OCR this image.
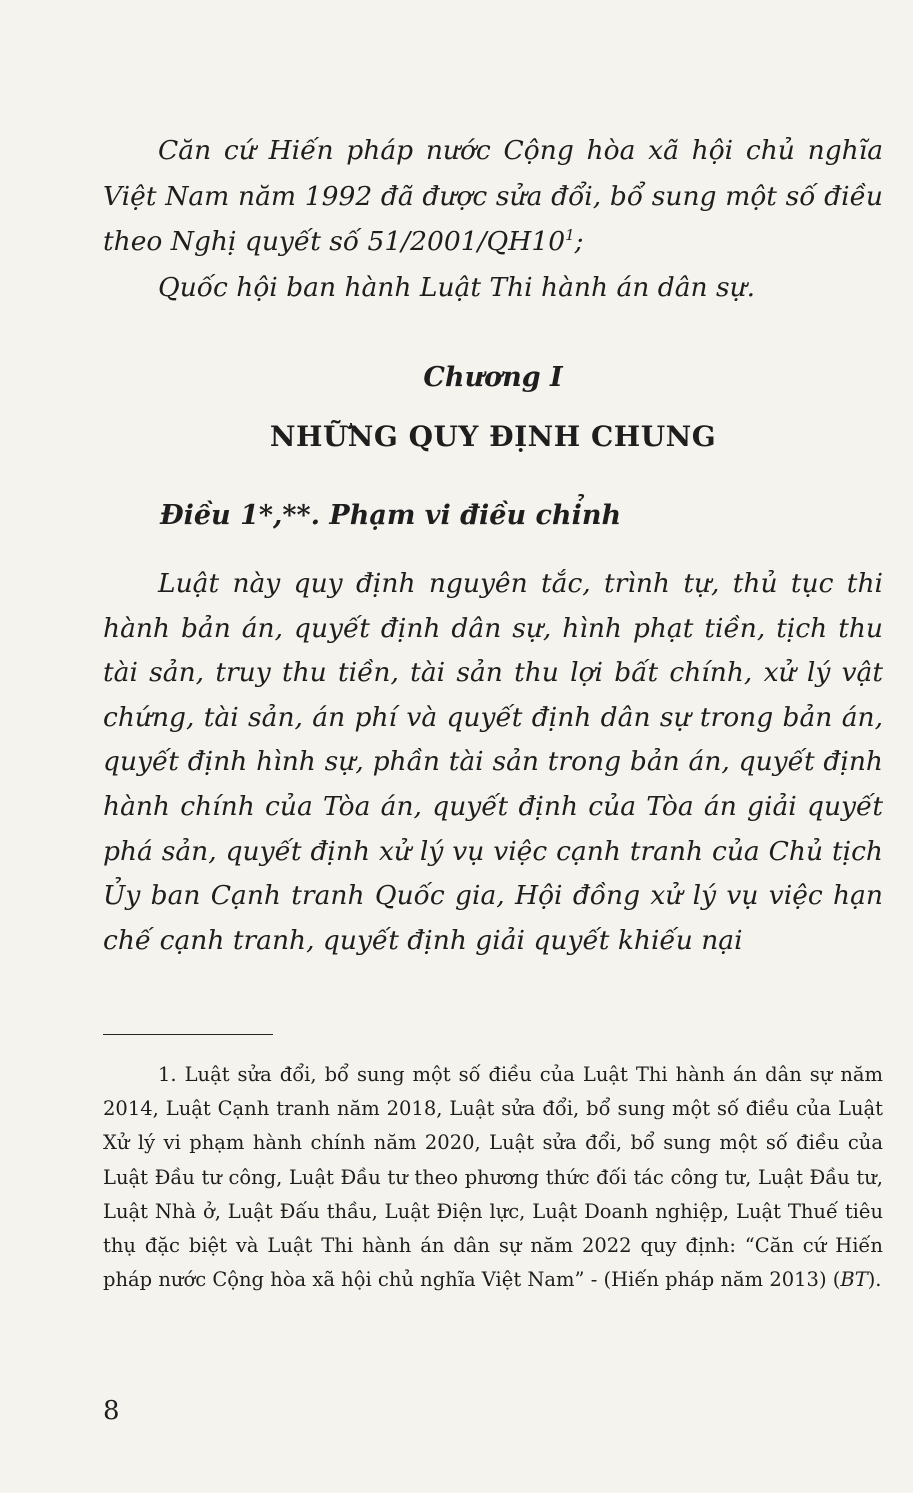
Căn cứ Hiến pháp nước Cộng hòa xã hội chủ nghĩa Việt Nam năm 1992 đã được sửa đổi, bổ sung một số điều theo Nghị quyết số $51/2001/QH10^1$;

Quốc hội ban hành Luật Thi hành án dân sự.

Chương I
NHỮNG QUY ĐỊNH CHUNG
Điều 1*,**. Phạm vi điều chỉnh

Luật này quy định nguyên tắc, trình tự, thủ tục thi hành bản án, quyết định dân sự, hình phạt tiền, tịch thu tài sản, truy thu tiền, tài sản thu lợi bất chính, xử lý vật chứng, tài sản, án phí và quyết định dân sự trong bản án, quyết định hình sự, phần tài sản trong bản án, quyết định hành chính của Tòa án, quyết định của Tòa án giải quyết phá sản, quyết định xử lý vụ việc cạnh tranh của Chủ tịch Ủy ban Cạnh tranh Quốc gia, Hội đồng xử lý vụ việc hạn chế cạnh tranh, quyết định giải quyết khiếu nại

1. Luật sửa đổi, bổ sung một số điều của Luật Thi hành án dân sự năm 2014, Luật Cạnh tranh năm 2018, Luật sửa đổi, bổ sung một số điều của Luật Xử lý vi phạm hành chính năm 2020, Luật sửa đổi, bổ sung một số điều của Luật Đầu tư công, Luật Đầu tư theo phương thức đối tác công tư, Luật Đầu tư, Luật Nhà ở, Luật Đấu thầu, Luật Điện lực, Luật Doanh nghiệp, Luật Thuế tiêu thụ đặc biệt và Luật Thi hành án dân sự năm 2022 quy định: “Căn cứ Hiến pháp nước Cộng hòa xã hội chủ nghĩa Việt Nam” - (Hiến pháp năm 2013) (BT).

8
